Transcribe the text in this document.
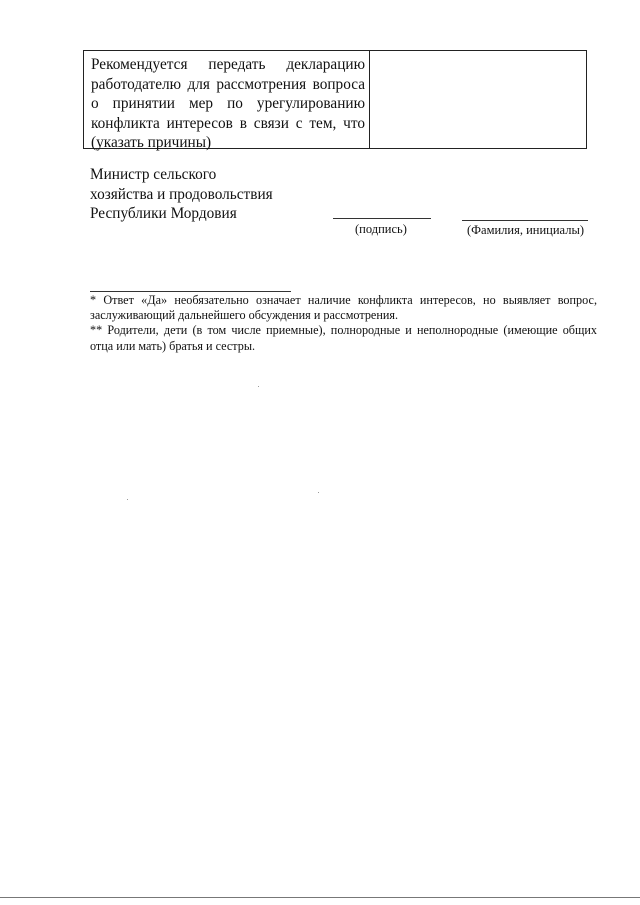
Рекомендуется передать декларацию работодателю для рассмотрения вопроса о принятии мер по урегулированию конфликта интересов в связи с тем, что (указать причины)
Министр сельского
хозяйства и продовольствия
Республики Мордовия
(подпись)	(Фамилия, инициалы)

* Ответ «Да» необязательно означает наличие конфликта интересов, но выявляет вопрос, заслуживающий дальнейшего обсуждения и рассмотрения.

** Родители, дети (в том числе приемные), полнородные и неполнородные (имеющие общих отца или мать) братья и сестры.
